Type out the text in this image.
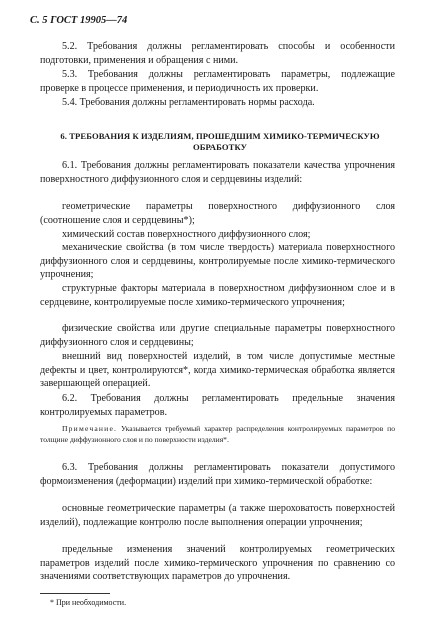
С. 5 ГОСТ 19905—74
5.2. Требования должны регламентировать способы и особенности подготовки, применения и обращения с ними.
5.3. Требования должны регламентировать параметры, подлежащие проверке в процессе применения, и периодичность их проверки.
5.4. Требования должны регламентировать нормы расхода.
6. ТРЕБОВАНИЯ К ИЗДЕЛИЯМ, ПРОШЕДШИМ ХИМИКО-ТЕРМИЧЕСКУЮ ОБРАБОТКУ
6.1. Требования должны регламентировать показатели качества упрочнения поверхностного диффузионного слоя и сердцевины изделий:
геометрические параметры поверхностного диффузионного слоя (соотношение слоя и сердцевины*);
химический состав поверхностного диффузионного слоя;
механические свойства (в том числе твердость) материала поверхностного диффузионного слоя и сердцевины, контролируемые после химико-термического упрочнения;
структурные факторы материала в поверхностном диффузионном слое и в сердцевине, контролируемые после химико-термического упрочнения;
физические свойства или другие специальные параметры поверхностного диффузионного слоя и сердцевины;
внешний вид поверхностей изделий, в том числе допустимые местные дефекты и цвет, контролируются*, когда химико-термическая обработка является завершающей операцией.
6.2. Требования должны регламентировать предельные значения контролируемых параметров.
Примечание. Указывается требуемый характер распределения контролируемых параметров по толщине диффузионного слоя и по поверхности изделия*.
6.3. Требования должны регламентировать показатели допустимого формоизменения (деформации) изделий при химико-термической обработке:
основные геометрические параметры (а также шероховатость поверхностей изделий), подлежащие контролю после выполнения операции упрочнения;
предельные изменения значений контролируемых геометрических параметров изделий после химико-термического упрочнения по сравнению со значениями соответствующих параметров до упрочнения.
* При необходимости.
